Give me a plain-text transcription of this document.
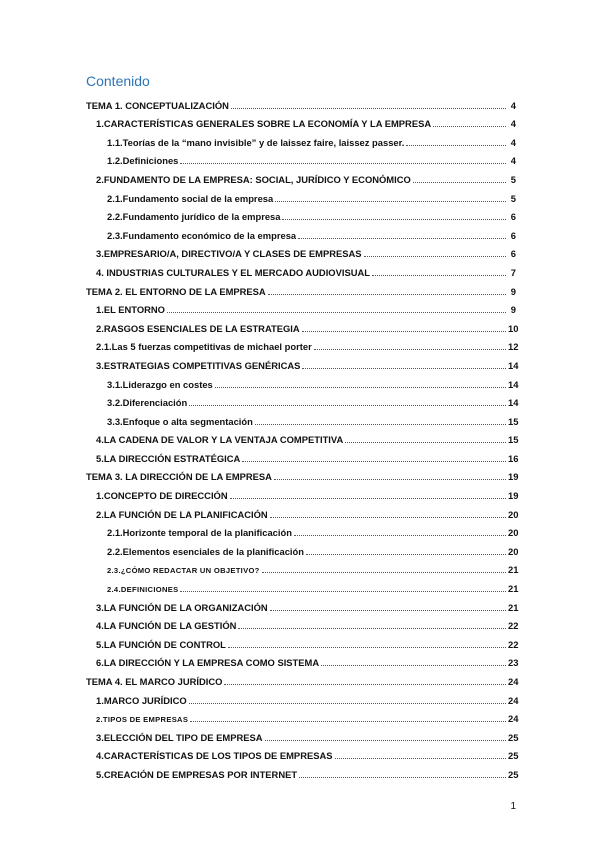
Contenido
TEMA 1. CONCEPTUALIZACIÓN	4
1.CARACTERÍSTICAS GENERALES SOBRE LA ECONOMÍA Y LA EMPRESA	4
1.1.Teorías de la “mano invisible” y de laissez faire, laissez passer.	4
1.2.Definiciones	4
2.FUNDAMENTO DE LA EMPRESA: SOCIAL, JURÍDICO Y ECONÓMICO	5
2.1.Fundamento social de la empresa	5
2.2.Fundamento jurídico de la empresa	6
2.3.Fundamento económico de la empresa	6
3.EMPRESARIO/A, DIRECTIVO/A Y CLASES DE EMPRESAS	6
4. INDUSTRIAS CULTURALES Y EL MERCADO AUDIOVISUAL	7
TEMA 2. EL ENTORNO DE LA EMPRESA	9
1.EL ENTORNO	9
2.RASGOS ESENCIALES DE LA ESTRATEGIA	10
2.1.Las 5 fuerzas competitivas de michael porter	12
3.ESTRATEGIAS COMPETITIVAS GENÉRICAS	14
3.1.Liderazgo en costes	14
3.2.Diferenciación	14
3.3.Enfoque o alta segmentación	15
4.LA CADENA DE VALOR Y LA VENTAJA COMPETITIVA	15
5.LA DIRECCIÓN ESTRATÉGICA	16
TEMA 3. LA DIRECCIÓN DE LA EMPRESA	19
1.CONCEPTO DE DIRECCIÓN	19
2.LA FUNCIÓN DE LA PLANIFICACIÓN	20
2.1.Horizonte temporal de la planificación	20
2.2.Elementos esenciales de la planificación	20
2.3.¿CÓMO REDACTAR UN OBJETIVO?	21
2.4.DEFINICIONES	21
3.LA FUNCIÓN DE LA ORGANIZACIÓN	21
4.LA FUNCIÓN DE LA GESTIÓN	22
5.LA FUNCIÓN DE CONTROL	22
6.LA DIRECCIÓN Y LA EMPRESA COMO SISTEMA	23
TEMA 4. EL MARCO JURÍDICO	24
1.MARCO JURÍDICO	24
2.TIPOS DE EMPRESAS	24
3.ELECCIÓN DEL TIPO DE EMPRESA	25
4.CARACTERÍSTICAS DE LOS TIPOS DE EMPRESAS	25
5.CREACIÓN DE EMPRESAS POR INTERNET	25
1
